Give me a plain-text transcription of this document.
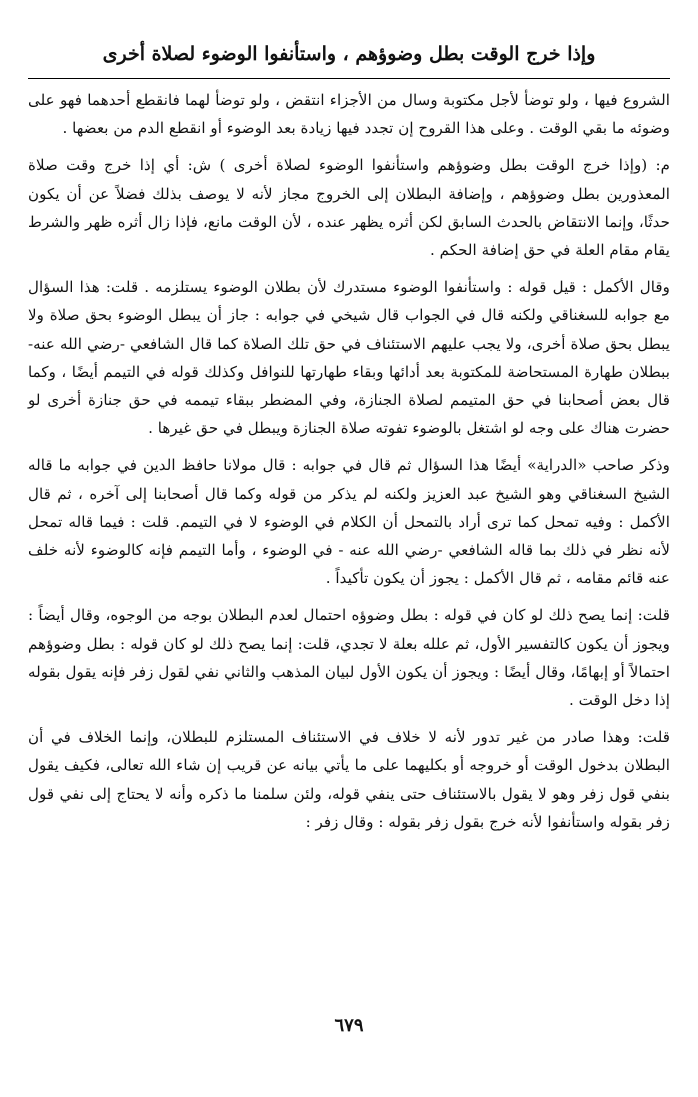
وإذا خرج الوقت بطل وضوؤهم ، واستأنفوا الوضوء لصلاة أخرى

الشروع فيها ، ولو توضأ لأجل مكتوبة وسال من الأجزاء انتقض ، ولو توضأ لهما فانقطع أحدهما فهو على وضوئه ما بقي الوقت . وعلى هذا القروح إن تجدد فيها زيادة بعد الوضوء أو انقطع الدم من بعضها .

م: (وإذا خرج الوقت بطل وضوؤهم واستأنفوا الوضوء لصلاة أخرى ) ش: أي إذا خرج وقت صلاة المعذورين بطل وضوؤهم ، وإضافة البطلان إلى الخروج مجاز لأنه لا يوصف بذلك فضلاً عن أن يكون حدثًا، وإنما الانتقاض بالحدث السابق لكن أثره يظهر عنده ، لأن الوقت مانع، فإذا زال أثره ظهر والشرط يقام مقام العلة في حق إضافة الحكم .

وقال الأكمل : قيل قوله : واستأنفوا الوضوء مستدرك لأن بطلان الوضوء يستلزمه . قلت: هذا السؤال مع جوابه للسغناقي ولكنه قال في الجواب قال شيخي في جوابه : جاز أن يبطل الوضوء بحق صلاة ولا يبطل بحق صلاة أخرى، ولا يجب عليهم الاستئناف في حق تلك الصلاة كما قال الشافعي -رضي الله عنه- ببطلان طهارة المستحاضة للمكتوبة بعد أدائها وبقاء طهارتها للنوافل وكذلك قوله في التيمم أيضًا ، وكما قال بعض أصحابنا في حق المتيمم لصلاة الجنازة، وفي المضطر ببقاء تيممه في حق جنازة أخرى لو حضرت هناك على وجه لو اشتغل بالوضوء تفوته صلاة الجنازة ويبطل في حق غيرها .

وذكر صاحب «الدراية» أيضًا هذا السؤال ثم قال في جوابه : قال مولانا حافظ الدين في جوابه ما قاله الشيخ السغناقي وهو الشيخ عبد العزيز ولكنه لم يذكر من قوله وكما قال أصحابنا إلى آخره ، ثم قال الأكمل : وفيه تمحل كما ترى أراد بالتمحل أن الكلام في الوضوء لا في التيمم. قلت : فيما قاله تمحل لأنه نظر في ذلك بما قاله الشافعي -رضي الله عنه - في الوضوء ، وأما التيمم فإنه كالوضوء لأنه خلف عنه قائم مقامه ، ثم قال الأكمل : يجوز أن يكون تأكيداً .

قلت: إنما يصح ذلك لو كان في قوله : بطل وضوؤه احتمال لعدم البطلان بوجه من الوجوه، وقال أيضاً : ويجوز أن يكون كالتفسير الأول، ثم علله بعلة لا تجدي، قلت: إنما يصح ذلك لو كان قوله : بطل وضوؤهم احتمالاً أو إبهامًا، وقال أيضًا : ويجوز أن يكون الأول لبيان المذهب والثاني نفي لقول زفر فإنه يقول بقوله إذا دخل الوقت .

قلت: وهذا صادر من غير تدور لأنه لا خلاف في الاستئناف المستلزم للبطلان، وإنما الخلاف في أن البطلان بدخول الوقت أو خروجه أو بكليهما على ما يأتي بيانه عن قريب إن شاء الله تعالى، فكيف يقول بنفي قول زفر وهو لا يقول بالاستئناف حتى ينفي قوله، ولئن سلمنا ما ذكره وأنه لا يحتاج إلى نفي قول زفر بقوله واستأنفوا لأنه خرج بقول زفر بقوله : وقال زفر :

٦٧٩
